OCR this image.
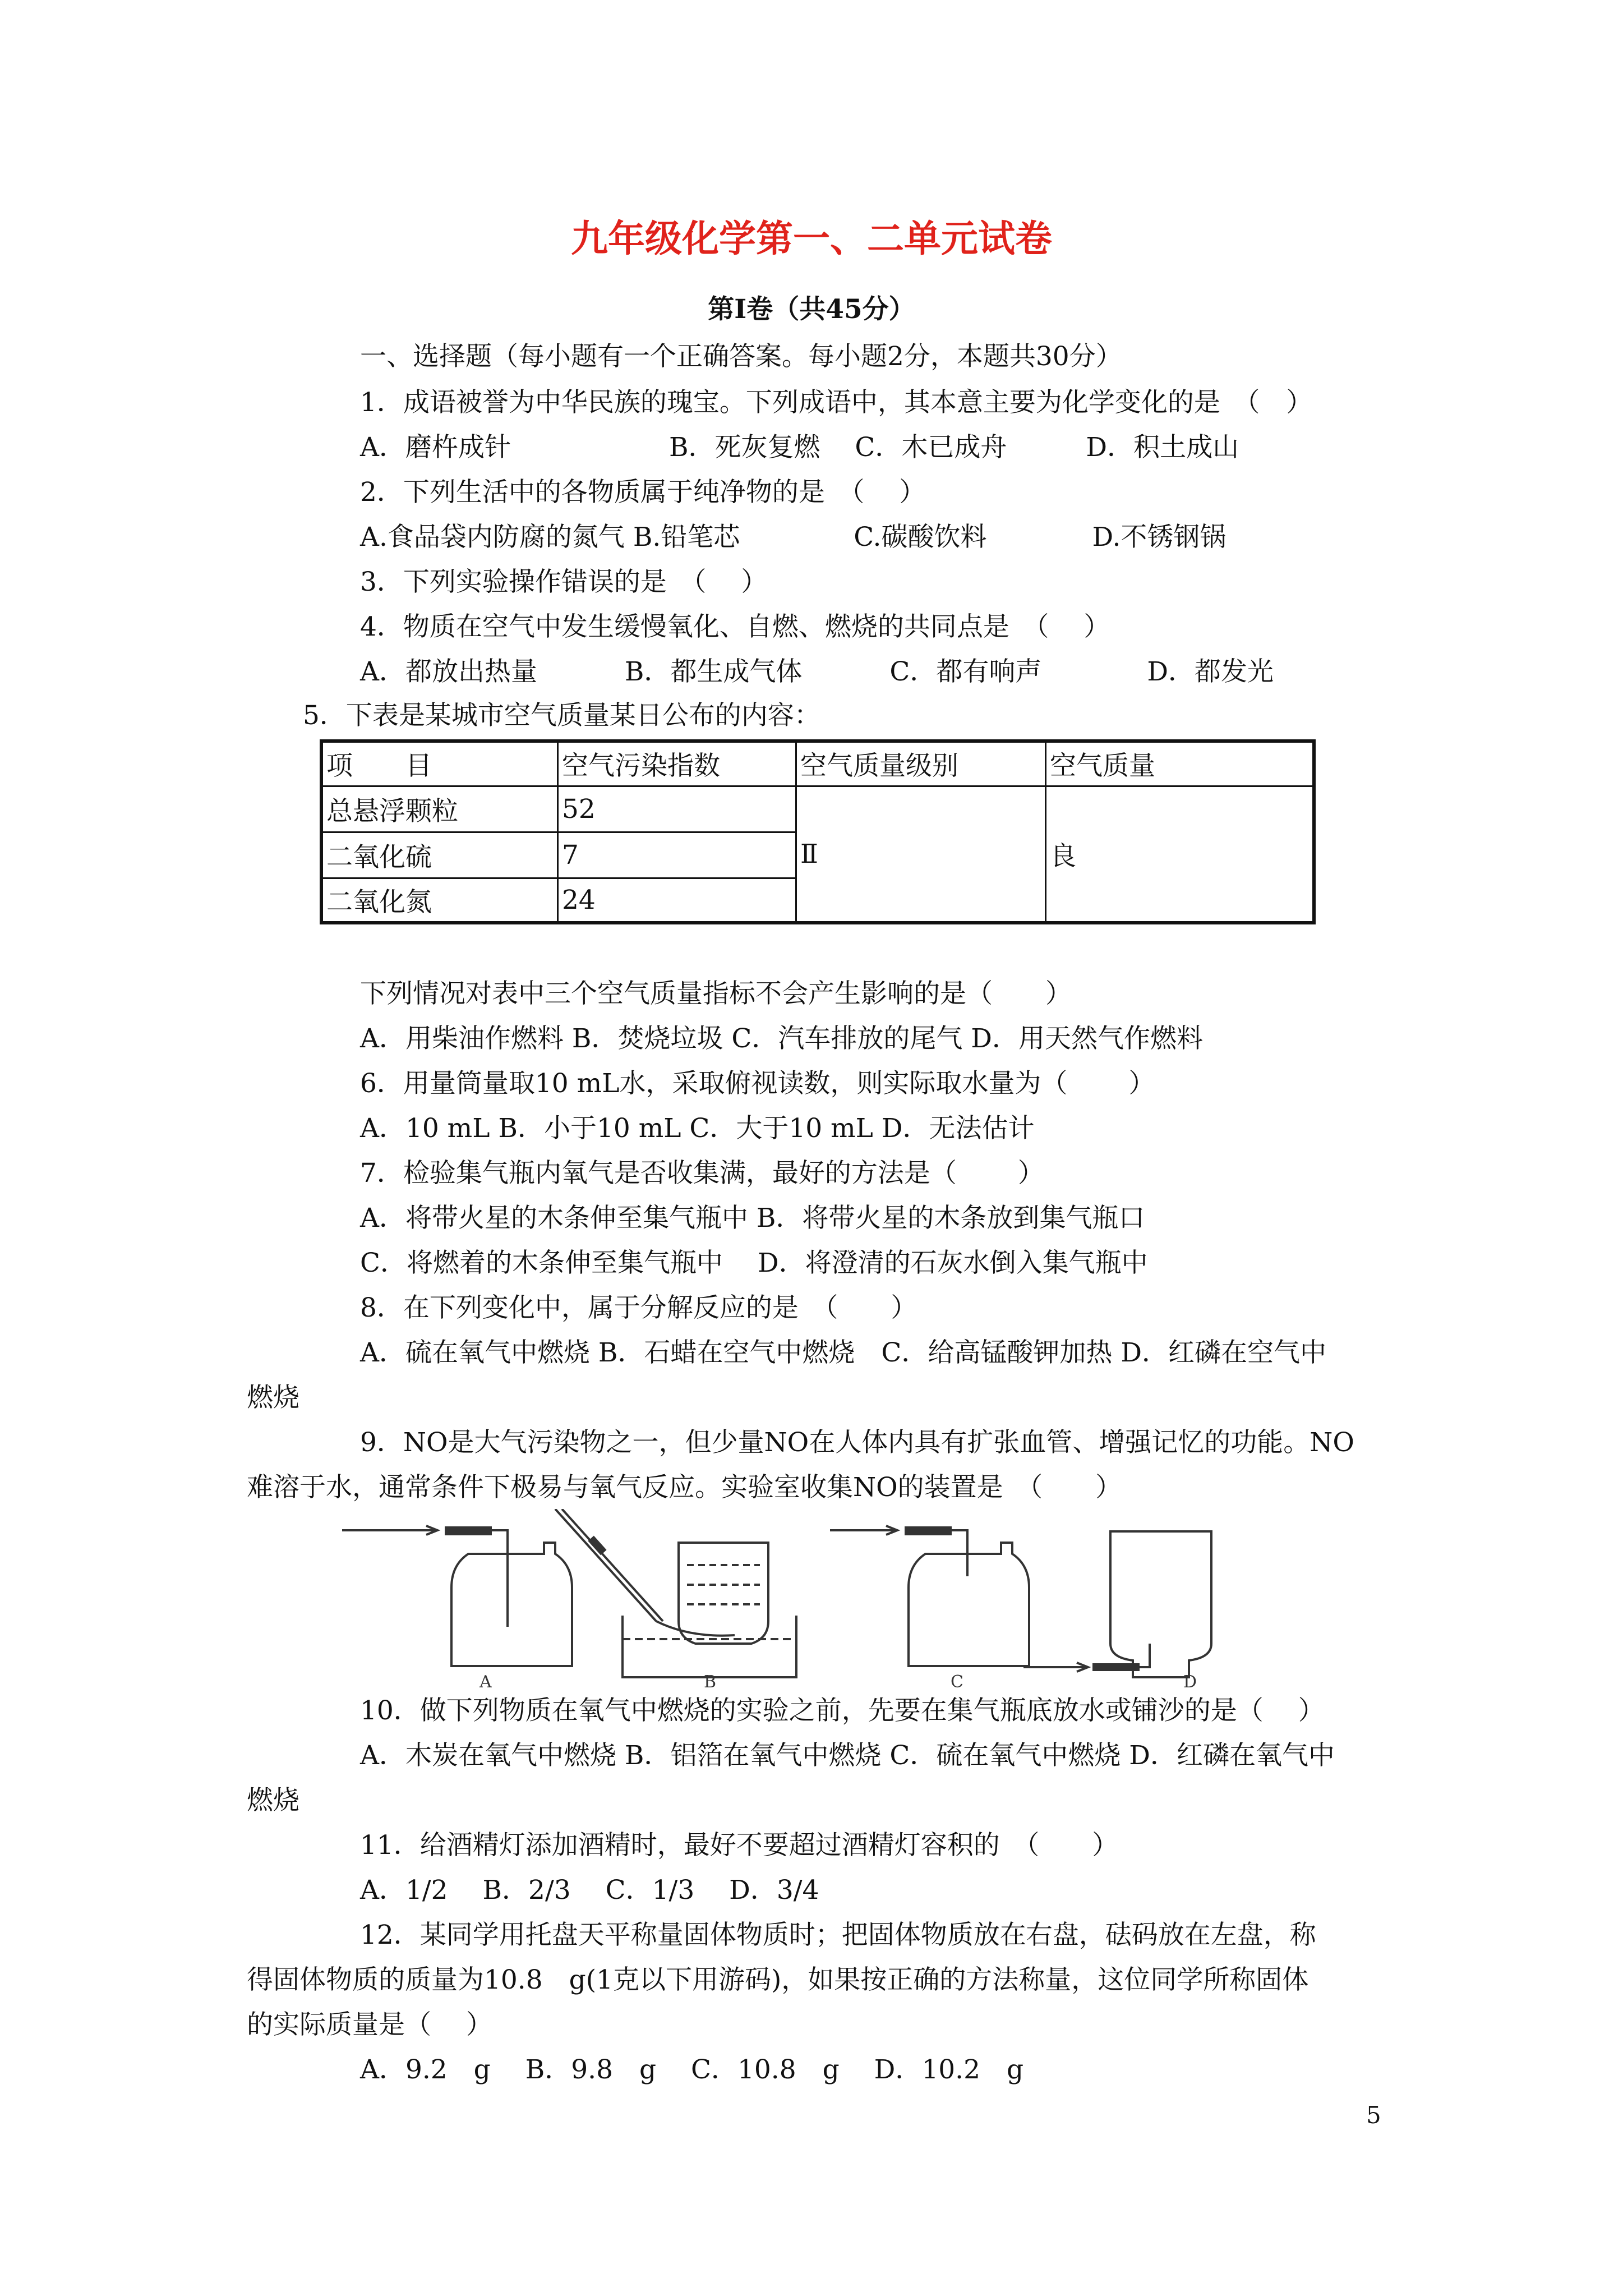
九年级化学第一、二单元试卷
第Ⅰ卷（共45分）
一、选择题（每小题有一个正确答案。每小题2分，本题共30分）
1．成语被誉为中华民族的瑰宝。下列成语中，其本意主要为化学变化的是　（　）
A．磨杵成针　　　　　　B．死灰复燃　 C．木已成舟　　　D．积土成山
2．下列生活中的各物质属于纯净物的是　（　 ）
A.食品袋内防腐的氮气 B.铅笔芯　　　　 C.碳酸饮料　　　　D.不锈钢锅
3．下列实验操作错误的是　（　 ）
4．物质在空气中发生缓慢氧化、自燃、燃烧的共同点是　（　 ）
A．都放出热量　　　 B．都生成气体　　　 C．都有响声　　　　D．都发光
5．下表是某城市空气质量某日公布的内容：
项　　目	空气污染指数	空气质量级别	空气质量
总悬浮颗粒	52	Ⅱ	良
二氧化硫	7		
二氧化氮	24		
下列情况对表中三个空气质量指标不会产生影响的是（　　）
A．用柴油作燃料 B．焚烧垃圾 C．汽车排放的尾气 D．用天然气作燃料
6．用量筒量取10 mL水，采取俯视读数，则实际取水量为（　　 ）
A．10 mL B．小于10 mL C．大于10 mL D．无法估计
7．检验集气瓶内氧气是否收集满，最好的方法是（　　 ）
A．将带火星的木条伸至集气瓶中 B．将带火星的木条放到集气瓶口
C．将燃着的木条伸至集气瓶中　 D．将澄清的石灰水倒入集气瓶中
8．在下列变化中，属于分解反应的是　（　　）
A．硫在氧气中燃烧 B．石蜡在空气中燃烧　C．给高锰酸钾加热 D．红磷在空气中
燃烧
9．NO是大气污染物之一，但少量NO在人体内具有扩张血管、增强记忆的功能。NO
难溶于水，通常条件下极易与氧气反应。实验室收集NO的装置是　（　　）
A	B	C	D
10．做下列物质在氧气中燃烧的实验之前，先要在集气瓶底放水或铺沙的是（　 ）
A．木炭在氧气中燃烧 B．铝箔在氧气中燃烧 C．硫在氧气中燃烧 D．红磷在氧气中
燃烧
11．给酒精灯添加酒精时，最好不要超过酒精灯容积的　（　　）
A．1/2　 B．2/3　 C．1/3　 D．3/4
12．某同学用托盘天平称量固体物质时；把固体物质放在右盘，砝码放在左盘，称
得固体物质的质量为10.8　g(1克以下用游码)，如果按正确的方法称量，这位同学所称固体
的实际质量是（　 ）
A．9.2　g　 B．9.8　g　 C．10.8　g　 D．10.2　g
5
